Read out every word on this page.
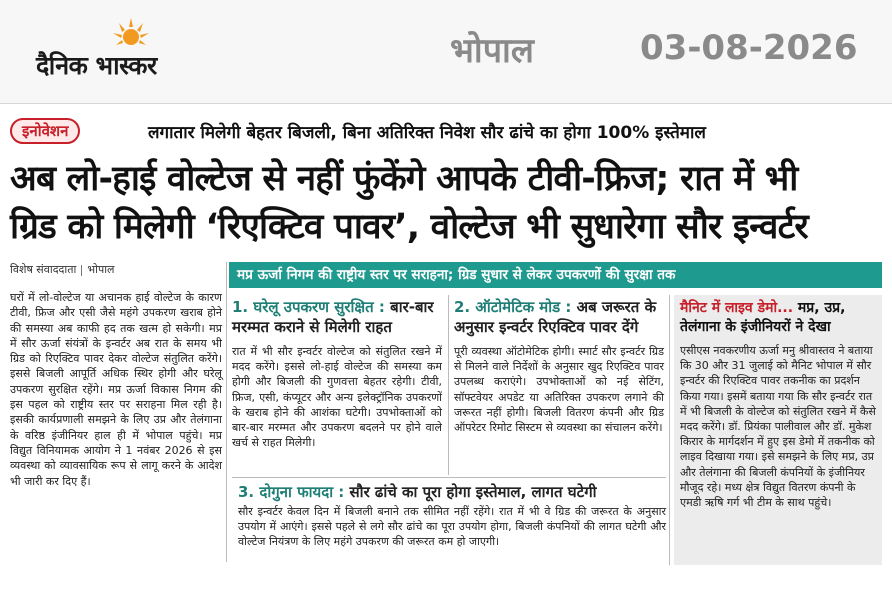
दैनिक भास्कर	भोपाल	03-08-2026
इनोवेशन	लगातार मिलेगी बेहतर बिजली, बिना अतिरिक्त निवेश सौर ढांचे का होगा 100% इस्तेमाल
अब लो-हाई वोल्टेज से नहीं फुंकेंगे आपके टीवी-फ्रिज; रात में भी
ग्रिड को मिलेगी ‘रिएक्टिव पावर’, वोल्टेज भी सुधारेगा सौर इन्वर्टर
विशेष संवाददाता भोपाल
घरों में लो-वोल्टेज या अचानक हाई वोल्टेज के कारण टीवी, फ्रिज और एसी जैसे महंगे उपकरण खराब होने की समस्या अब काफी हद तक खत्म हो सकेगी। मप्र में सौर ऊर्जा संयंत्रों के इन्वर्टर अब रात के समय भी ग्रिड को रिएक्टिव पावर देकर वोल्टेज संतुलित करेंगे। इससे बिजली आपूर्ति अधिक स्थिर होगी और घरेलू उपकरण सुरक्षित रहेंगे। मप्र ऊर्जा विकास निगम की इस पहल को राष्ट्रीय स्तर पर सराहना मिल रही है। इसकी कार्यप्रणाली समझने के लिए उप्र और तेलंगाना के वरिष्ठ इंजीनियर हाल ही में भोपाल पहुंचे। मप्र विद्युत विनियामक आयोग ने 1 नवंबर 2026 से इस व्यवस्था को व्यावसायिक रूप से लागू करने के आदेश भी जारी कर दिए हैं।
मप्र ऊर्जा निगम की राष्ट्रीय स्तर पर सराहना; ग्रिड सुधार से लेकर उपकरणों की सुरक्षा तक
1. घरेलू उपकरण सुरक्षित : बार-बार मरम्मत कराने से मिलेगी राहत
रात में भी सौर इन्वर्टर वोल्टेज को संतुलित रखने में मदद करेंगे। इससे लो-हाई वोल्टेज की समस्या कम होगी और बिजली की गुणवत्ता बेहतर रहेगी। टीवी, फ्रिज, एसी, कंप्यूटर और अन्य इलेक्ट्रॉनिक उपकरणों के खराब होने की आशंका घटेगी। उपभोक्ताओं को बार-बार मरम्मत और उपकरण बदलने पर होने वाले खर्च से राहत मिलेगी।
2. ऑटोमेटिक मोड : अब जरूरत के अनुसार इन्वर्टर रिएक्टिव पावर देंगे
पूरी व्यवस्था ऑटोमेटिक होगी। स्मार्ट सौर इन्वर्टर ग्रिड से मिलने वाले निर्देशों के अनुसार खुद रिएक्टिव पावर उपलब्ध कराएंगे। उपभोक्ताओं को नई सेटिंग, सॉफ्टवेयर अपडेट या अतिरिक्त उपकरण लगाने की जरूरत नहीं होगी। बिजली वितरण कंपनी और ग्रिड ऑपरेटर रिमोट सिस्टम से व्यवस्था का संचालन करेंगे।
3. दोगुना फायदा : सौर ढांचे का पूरा होगा इस्तेमाल, लागत घटेगी
सौर इन्वर्टर केवल दिन में बिजली बनाने तक सीमित नहीं रहेंगे। रात में भी वे ग्रिड की जरूरत के अनुसार उपयोग में आएंगे। इससे पहले से लगे सौर ढांचे का पूरा उपयोग होगा, बिजली कंपनियों की लागत घटेगी और वोल्टेज नियंत्रण के लिए महंगे उपकरण की जरूरत कम हो जाएगी।
मैनिट में लाइव डेमो... मप्र, उप्र, तेलंगाना के इंजीनियरों ने देखा
एसीएस नवकरणीय ऊर्जा मनु श्रीवास्तव ने बताया कि 30 और 31 जुलाई को मैनिट भोपाल में सौर इन्वर्टर की रिएक्टिव पावर तकनीक का प्रदर्शन किया गया। इसमें बताया गया कि सौर इन्वर्टर रात में भी बिजली के वोल्टेज को संतुलित रखने में कैसे मदद करेंगे। डॉ. प्रियंका पालीवाल और डॉ. मुकेश किरार के मार्गदर्शन में हुए इस डेमो में तकनीक को लाइव दिखाया गया। इसे समझने के लिए मप्र, उप्र और तेलंगाना की बिजली कंपनियों के इंजीनियर मौजूद रहे। मध्य क्षेत्र विद्युत वितरण कंपनी के एमडी ऋषि गर्ग भी टीम के साथ पहुंचे।
